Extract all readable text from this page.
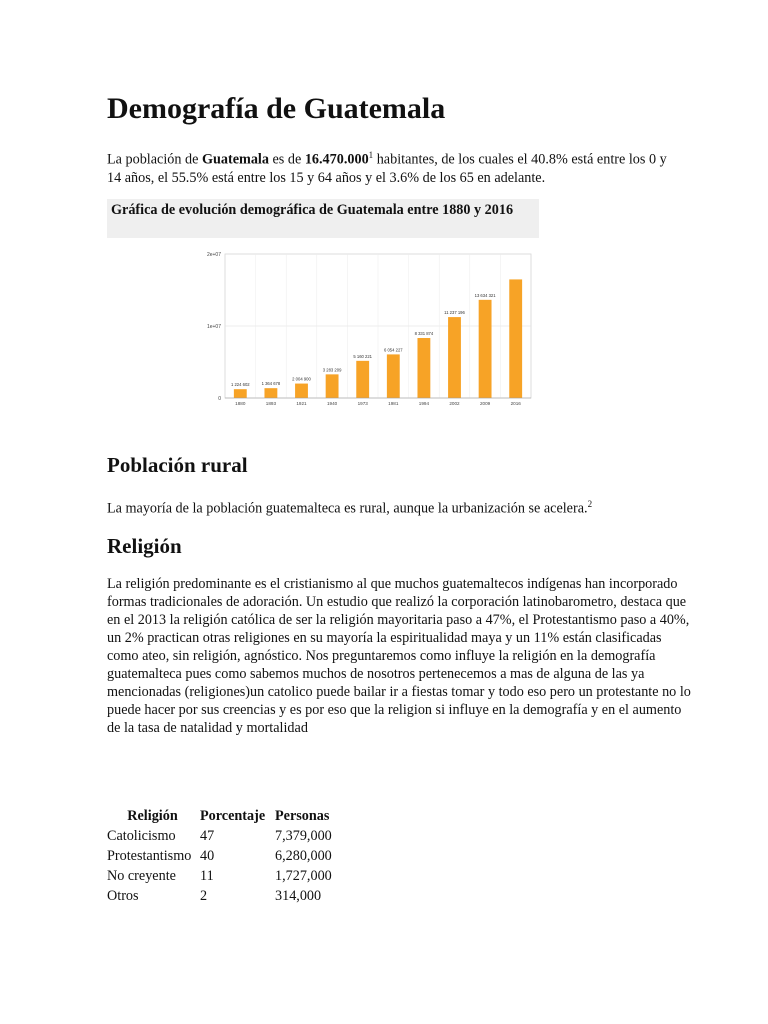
Demografía de Guatemala

La población de Guatemala es de 16.470.000$^1$ habitantes, de los cuales el 40.8% está entre los 0 y 14 años, el 55.5% está entre los 15 y 64 años y el 3.6% de los 65 en adelante.

Gráfica de evolución demográfica de Guatemala entre 1880 y 2016
0
1e+07
2e+07
1 224 602
1880
1 364 678
1893
2 004 900
1921
3 283 209
1940
5 160 221
1973
6 054 227
1981
8 331 874
1994
11 237 196
2002
13 634 321
2009	2016
Población rural

La mayoría de la población guatemalteca es rural, aunque la urbanización se acelera.$^2$

Religión

La religión predominante es el cristianismo al que muchos guatemaltecos indígenas han incorporado formas tradicionales de adoración. Un estudio que realizó la corporación latinobarometro, destaca que en el 2013 la religión católica de ser la religión mayoritaria paso a 47%, el Protestantismo paso a 40%, un 2% practican otras religiones en su mayoría la espiritualidad maya y un 11% están clasificadas como ateo, sin religión, agnóstico. Nos preguntaremos como influye la religión en la demografía guatemalteca pues como sabemos muchos de nosotros pertenecemos a mas de alguna de las ya mencionadas (religiones)un catolico puede bailar ir a fiestas tomar y todo eso pero un protestante no lo puede hacer por sus creencias y es por eso que la religion si influye en la demografía y en el aumento de la tasa de natalidad y mortalidad

Religión	Porcentaje	Personas
Catolicismo	47	7,379,000
Protestantismo	40	6,280,000
No creyente	11	1,727,000
Otros	2	314,000
